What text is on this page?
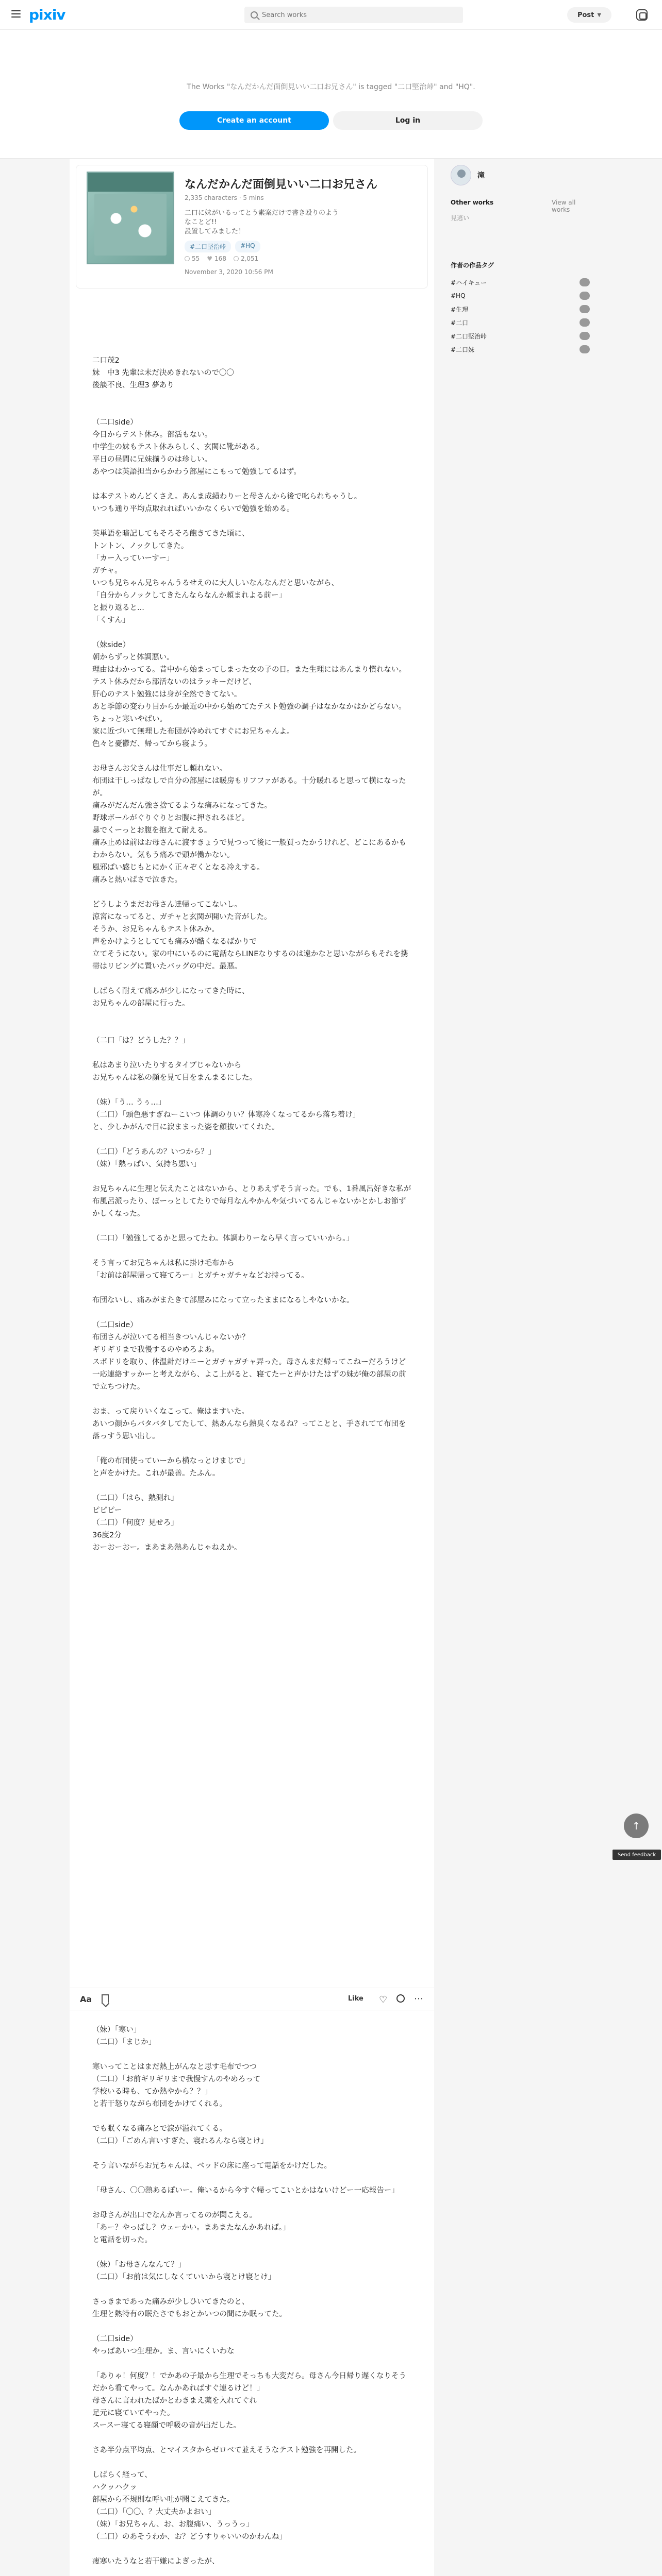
pixiv
Search works	Post ▼
The Works "なんだかんだ面倒見いい二口お兄さん" is tagged "二口堅治峠" and "HQ".
Create an account	Log in
なんだかんだ面倒見いい二口お兄さん
2,335 characters · 5 mins
二口に妹がいるってとう素案だけで書き殴りのようなことど!!
設置してみました！
#二口堅治峠	#HQ
55 ♥ 168	2,051
November 3, 2020 10:56 PM
二口茂2
妹　中3 先輩は未だ決めきれないので〇〇
後談不良、生理3 夢あり

（二口side）
今日からテスト休み。部活もない。
中学生の妹もテスト休みらしく、玄関に靴がある。
平日の昼間に兄妹揃うのは珍しい。
あやつは英語担当からかわう部屋にこもって勉強してるはず。

は本テストめんどくさえ。あんま成績わりーと母さんから後で叱られちゃうし。
いつも通り平均点取れればいいかなくらいで勉強を始める。

英単語を暗記してもそろそろ飽きてきた頃に、
トントン、ノックしてきた。
「カー入っていーすー」
ガチャ。
いつも兄ちゃん兄ちゃんうるせえのに大人しいなんなんだと思いながら、
「自分からノックしてきたんならなんか頼まれよる前ー」
と振り返ると...
「くすん」

（妹side）
朝からずっと体調悪い。
理由はわかってる。昔中から始まってしまった女の子の日。また生理にはあんまり慣れない。
テスト休みだから部活ないのはラッキーだけど、
肝心のテスト勉強には身が全然できてない。
あと季節の変わり目からか最近の中から始めてたテスト勉強の調子はなかなかはかどらない。ちょっと寒いやばい。
家に近づいて無理した布団が冷めれてすぐにお兄ちゃんよ。
色々と憂鬱だ、帰ってから寝よう。

お母さんお父さんは仕事だし頼れない。
布団は干しっぱなしで自分の部屋には暖房もリフファがある。十分暖れると思って横になったが。
痛みがだんだん強さ捨てるような痛みになってきた。
野球ボールがぐりぐりとお腹に押されるほど。
暴でくーっとお腹を抱えて耐える。
痛み止めは前はお母さんに渡すきょうで見つって後に一般買ったかうけれど、どこにあるかもわからない。気もう痛みで頭が働かない。
風邪ぱい感じもとにかく正々ぞくとなる冷えする。
痛みと熱いばさで泣きた。

どうしようまだお母さん達帰ってこないし。
涼宮になってると、ガチャと玄関が開いた音がした。
そうか、お兄ちゃんもテスト休みか。
声をかけようとしてても痛みが酷くなるばかりで
立てそうにない。家の中にいるのに電話ならLINEなりするのは遠かなと思いながらもそれを携帯はリビングに置いたバッグの中だ。最悪。

しばらく耐えて痛みが少しになってきた時に、
お兄ちゃんの部屋に行った。

（二口「は？どうした？？」

私はあまり泣いたりするタイプじゃないから
お兄ちゃんは私の顔を見て目をまんまるにした。

（妹）「う… うぅ…」
（二口）「頭色悪すぎねーこいつ 体調のりい？体寒冷くなってるから落ち着け」
と、少しかがんで目に涙ままった姿を顔抜いてくれた。

（二口）「どうあんの？いつから？」
（妹）「熱っぱい、気持ち悪い」

お兄ちゃんに生理と伝えたことはないから、とりあえずそう言った。でも、1番風呂好きな私が布風呂派ったり、ぼーっとしてたりで毎月なんやかんや気づいてるんじゃないかとかしお節ずかしくなった。

（二口）「勉強してるかと思ってたわ。体調わりーなら早く言っていいから。」

そう言ってお兄ちゃんは私に掛け毛布から
「お前は部屋帰って寝てろー」とガチャガチャなどお持ってる。

布団ないし、痛みがまたきて部屋みになって立ったままになるしやないかな。

（二口side）
布団さんが泣いてる相当きついんじゃないか？
ギリギリまで我慢するのやめろよあ。
スポドリを取り、体温計だけニーとガチャガチャ弄った。母さんまだ帰ってこねーだろうけど一応連絡すッかーと考えながら、よこ上がると、寝てたーと声かけたはずの妹が俺の部屋の前で立ちつけた。

おま、って戻りいくなこって。俺はますいた。
あいつ顔からバタバタしてたして、熱あんなら熱臭くなるね？ってことと、手されてて布団を落っすう思い出し。

「俺の布団使っていーから横なっとけまじで」
と声をかけた。これが最善。たふん。

（二口）「はら、熱測れ」
ピピピー
（二口）「何度？見せろ」
36度2分
おーおーおー。まあまあ熱あんじゃねえか。
Aa	Like ♡	⋯
（妹）「寒い」
（二口）「まじか」

寒いってことはまだ熱上がんなと思す毛布でつつ
（二口）「お前ギリギリまで我慢すんのやめろって
学校いる時も、てか熱やから？？」
と若干怒りながら布団をかけてくれる。

でも眠くなる痛みとで涙が溢れてくる。
（二口）「ごめん言いすぎた、寝れるんなら寝とけ」

そう言いながらお兄ちゃんは、ベッドの床に座って電話をかけだした。

「母さん、〇〇熱あるぽいー。俺いるから今すぐ帰ってこいとかはないけどー一応報告ー」

お母さんが出口でなんか言ってるのが聞こえる。
「あー？やっぱし？ウェーかい。まあまたなんかあれば。」
と電話を切った。

（妹）「お母さんなんて？」
（二口）「お前は気にしなくていいから寝とけ寝とけ」

さっきまであった痛みが少しひいてきたのと、
生理と熱特有の眠たさでもおとかいつの間にか眠ってた。

（二口side）
やっぱあいつ生理か。ま、言いにくいわな

「ありゃ！何度？！でかあの子最から生理でそっちも大変だら。母さん今日帰り遅くなりそうだから看てやって。なんかあればすぐ連るけど！」
母さんに言われたばかとわきまえ薬を入れてぐれ
足元に寝ていてやった。
スースー寝てる寝顔で呼吸の音が出だした。

さあ半分点平均点、とマイスタからゼロベて並えそうなテスト勉強を再開した。

しばらく経って、
ハクッハクッ
部屋から不規則な呼い吐が聞こえてきた。
（二口）「〇〇、？大丈夫かよおい」
（妹）「お兄ちゃん、お、お腹痛い、うっうっ」
（二口）のあそうわか、お？どうすりゃいいのかわんね」

痩寒いたうなと若干嫌によぎったが、

滝
Other works	View all works
見逃い
作者の作品タグ
#ハイキュー
#HQ
#生理
#二口
#二口堅治峠
#二口妹
↑
Send feedback
